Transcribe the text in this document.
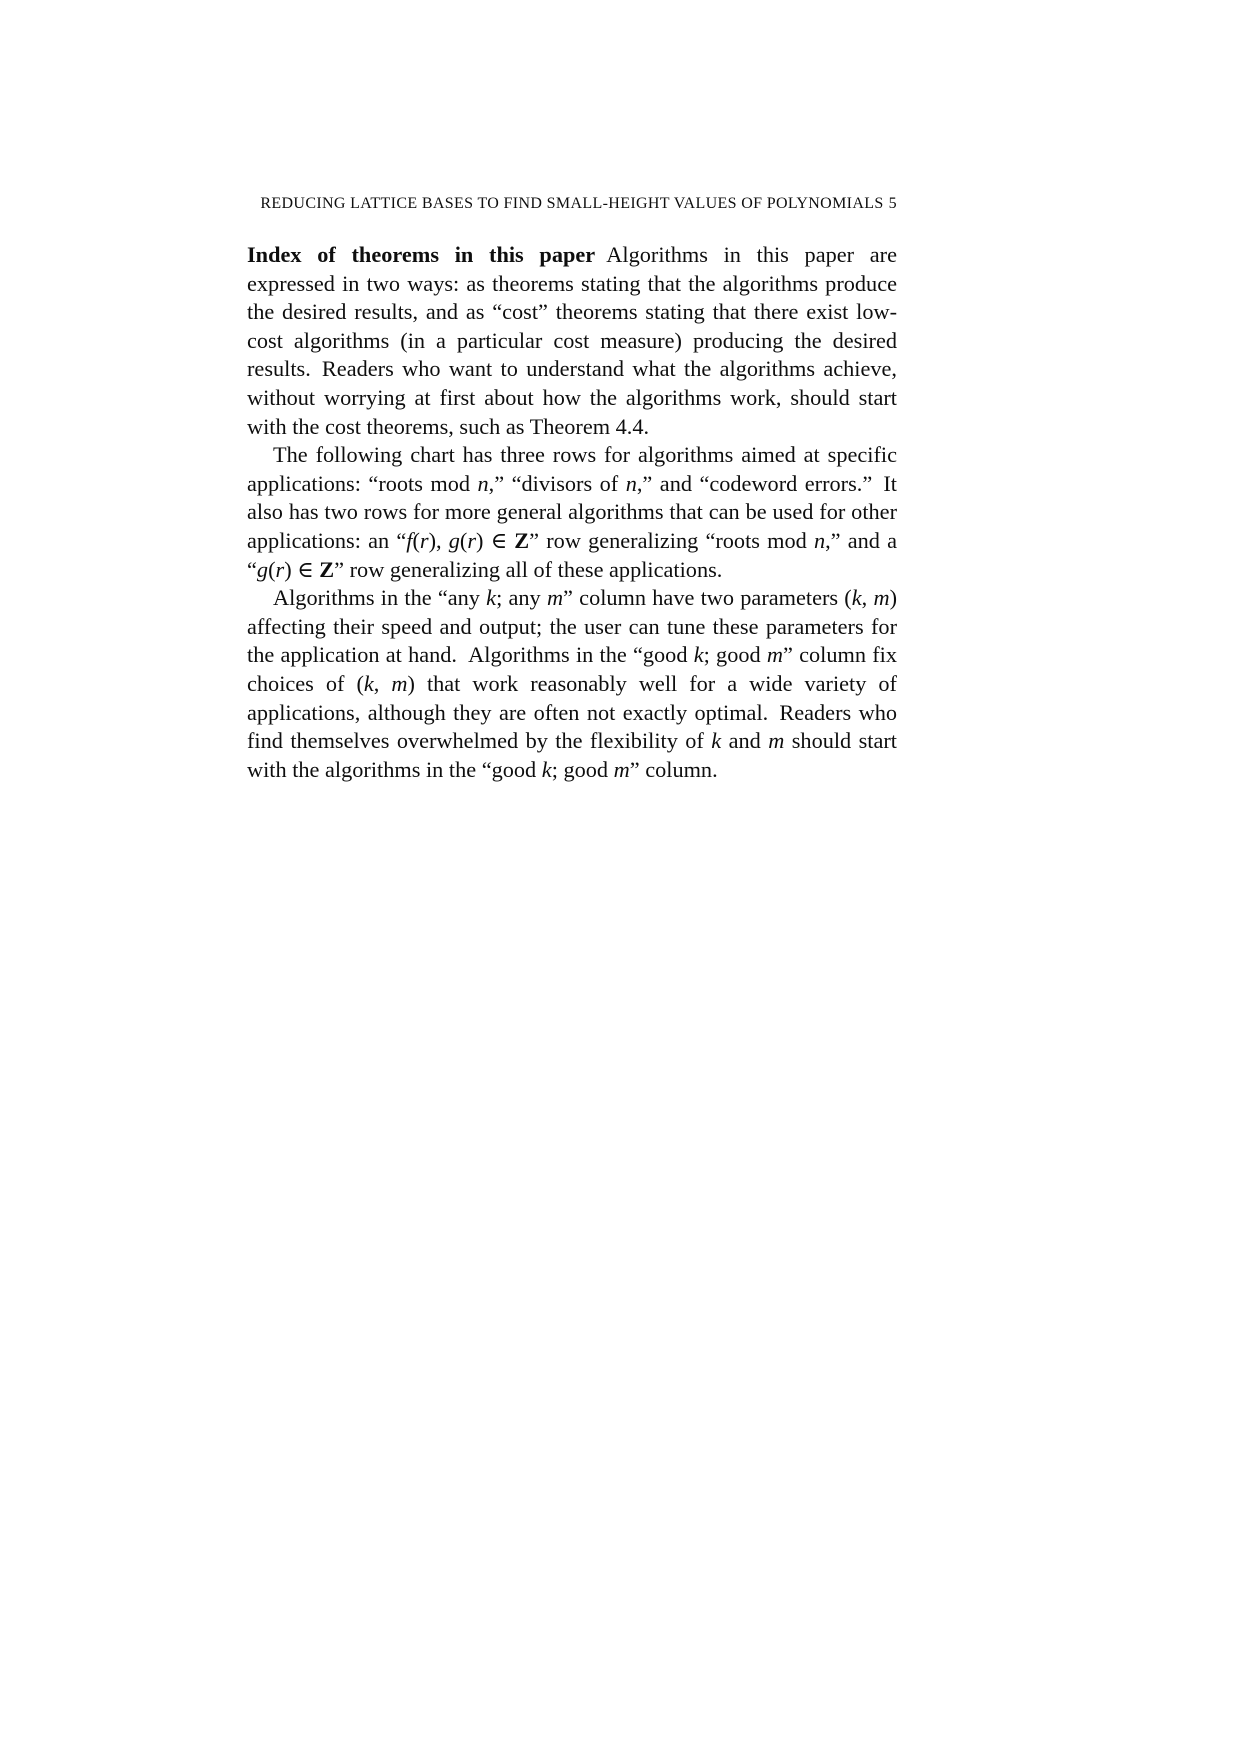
REDUCING LATTICE BASES TO FIND SMALL-HEIGHT VALUES OF POLYNOMIALS 5

Index of theorems in this paper Algorithms in this paper are expressed in two ways: as theorems stating that the algorithms produce the desired results, and as “cost” theorems stating that there exist low-cost algorithms (in a particular cost measure) producing the desired results. Readers who want to understand what the algorithms achieve, without worrying at first about how the algorithms work, should start with the cost theorems, such as Theorem 4.4.

The following chart has three rows for algorithms aimed at specific applications: “roots mod n,” “divisors of n,” and “codeword errors.” It also has two rows for more general algorithms that can be used for other applications: an “f(r), g(r) ∈ Z” row generalizing “roots mod n,” and a “g(r) ∈ Z” row generalizing all of these applications.

Algorithms in the “any k; any m” column have two parameters (k, m) affecting their speed and output; the user can tune these parameters for the application at hand. Algorithms in the “good k; good m” column fix choices of (k, m) that work reasonably well for a wide variety of applications, although they are often not exactly optimal. Readers who find themselves overwhelmed by the flexibility of k and m should start with the algorithms in the “good k; good m” column.
